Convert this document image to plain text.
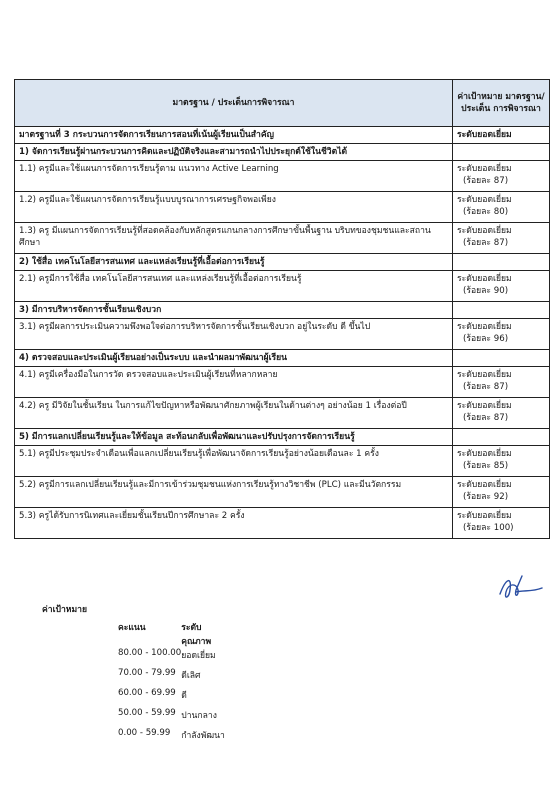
มาตรฐาน / ประเด็นการพิจารณา	ค่าเป้าหมาย มาตรฐาน/ประเด็น การพิจารณา
มาตรฐานที่ 3 กระบวนการจัดการเรียนการสอนที่เน้นผู้เรียนเป็นสำคัญ	ระดับยอดเยี่ยม
1) จัดการเรียนรู้ผ่านกระบวนการคิดและปฏิบัติจริงและสามารถนำไปประยุกต์ใช้ในชีวิตได้	
1.1) ครูมีและใช้แผนการจัดการเรียนรู้ตาม แนวทาง Active Learning	ระดับยอดเยี่ยม
(ร้อยละ 87)

1.2) ครูมีและใช้แผนการจัดการเรียนรู้แบบบูรณาการเศรษฐกิจพอเพียง	ระดับยอดเยี่ยม
(ร้อยละ 80)

1.3) ครู มีแผนการจัดการเรียนรู้ที่สอดคล้องกับหลักสูตรแกนกลางการศึกษาขั้นพื้นฐาน บริบทของชุมชนและสถานศึกษา	ระดับยอดเยี่ยม
(ร้อยละ 87)

2) ใช้สื่อ เทคโนโลยีสารสนเทศ และแหล่งเรียนรู้ที่เอื้อต่อการเรียนรู้	
2.1) ครูมีการใช้สื่อ เทคโนโลยีสารสนเทศ และแหล่งเรียนรู้ที่เอื้อต่อการเรียนรู้	ระดับยอดเยี่ยม
(ร้อยละ 90)

3) มีการบริหารจัดการชั้นเรียนเชิงบวก	
3.1) ครูมีผลการประเมินความพึงพอใจต่อการบริหารจัดการชั้นเรียนเชิงบวก อยู่ในระดับ ดี ขึ้นไป	ระดับยอดเยี่ยม
(ร้อยละ 96)

4) ตรวจสอบและประเมินผู้เรียนอย่างเป็นระบบ และนำผลมาพัฒนาผู้เรียน	
4.1) ครูมีเครื่องมือในการวัด ตรวจสอบและประเมินผู้เรียนที่หลากหลาย	ระดับยอดเยี่ยม
(ร้อยละ 87)

4.2) ครู มีวิจัยในชั้นเรียน ในการแก้ไขปัญหาหรือพัฒนาศักยภาพผู้เรียนในด้านต่างๆ อย่างน้อย 1 เรื่องต่อปี	ระดับยอดเยี่ยม
(ร้อยละ 87)

5) มีการแลกเปลี่ยนเรียนรู้และให้ข้อมูล สะท้อนกลับเพื่อพัฒนาและปรับปรุงการจัดการเรียนรู้	
5.1) ครูมีประชุมประจำเดือนเพื่อแลกเปลี่ยนเรียนรู้เพื่อพัฒนาจัดการเรียนรู้อย่างน้อยเดือนละ 1 ครั้ง	ระดับยอดเยี่ยม
(ร้อยละ 85)

5.2) ครูมีการแลกเปลี่ยนเรียนรู้และมีการเข้าร่วมชุมชนแห่งการเรียนรู้ทางวิชาชีพ (PLC) และมีนวัตกรรม	ระดับยอดเยี่ยม
(ร้อยละ 92)

5.3) ครูได้รับการนิเทศและเยี่ยมชั้นเรียนปีการศึกษาละ 2 ครั้ง	ระดับยอดเยี่ยม
(ร้อยละ 100)
ค่าเป้าหมาย
คะแนน	ระดับคุณภาพ
80.00 - 100.00	ยอดเยี่ยม
70.00 - 79.99	ดีเลิศ
60.00 - 69.99	ดี
50.00 - 59.99	ปานกลาง
0.00 - 59.99	กำลังพัฒนา
